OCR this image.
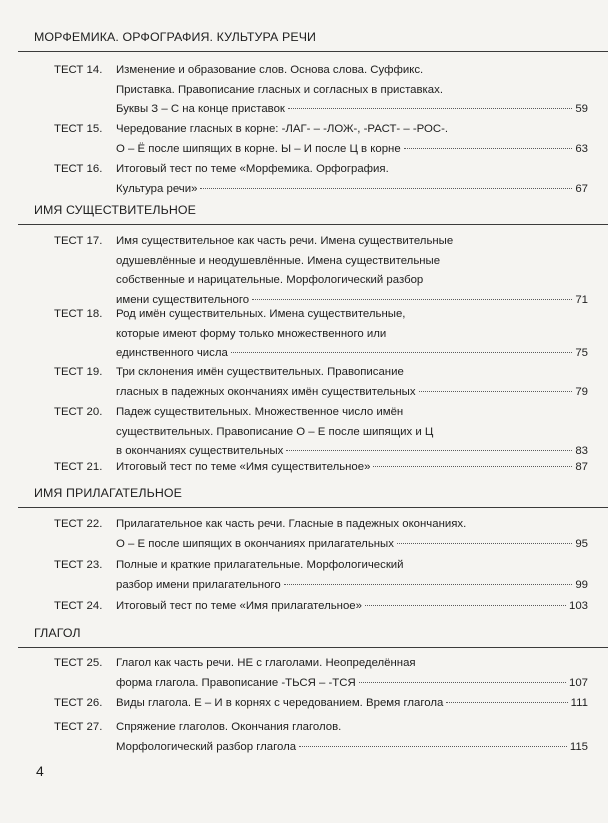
МОРФЕМИКА. ОРФОГРАФИЯ. КУЛЬТУРА РЕЧИ
ТЕСТ 14. Изменение и образование слов. Основа слова. Суффикс.
Приставка. Правописание гласных и согласных в приставках.
Буквы З – С на конце приставок	59
ТЕСТ 15. Чередование гласных в корне: -ЛАГ- – -ЛОЖ-, -РАСТ- – -РОС-.
О – Ё после шипящих в корне. Ы – И после Ц в корне	63
ТЕСТ 16. Итоговый тест по теме «Морфемика. Орфография.
Культура речи»	67
ИМЯ СУЩЕСТВИТЕЛЬНОЕ
ТЕСТ 17. Имя существительное как часть речи. Имена существительные
одушевлённые и неодушевлённые. Имена существительные
собственные и нарицательные. Морфологический разбор
имени существительного	71
ТЕСТ 18. Род имён существительных. Имена существительные,
которые имеют форму только множественного или
единственного числа	75
ТЕСТ 19. Три склонения имён существительных. Правописание
гласных в падежных окончаниях имён существительных	79
ТЕСТ 20. Падеж существительных. Множественное число имён
существительных. Правописание О – Е после шипящих и Ц
в окончаниях существительных	83
ТЕСТ 21. Итоговый тест по теме «Имя существительное»	87
ИМЯ ПРИЛАГАТЕЛЬНОЕ
ТЕСТ 22. Прилагательное как часть речи. Гласные в падежных окончаниях.
О – Е после шипящих в окончаниях прилагательных	95
ТЕСТ 23. Полные и краткие прилагательные. Морфологический
разбор имени прилагательного	99
ТЕСТ 24. Итоговый тест по теме «Имя прилагательное»	103
ГЛАГОЛ
ТЕСТ 25. Глагол как часть речи. НЕ с глаголами. Неопределённая
форма глагола. Правописание -ТЬСЯ – -ТСЯ	107
ТЕСТ 26. Виды глагола. Е – И в корнях с чередованием. Время глагола	111
ТЕСТ 27. Спряжение глаголов. Окончания глаголов.
Морфологический разбор глагола	115
4
